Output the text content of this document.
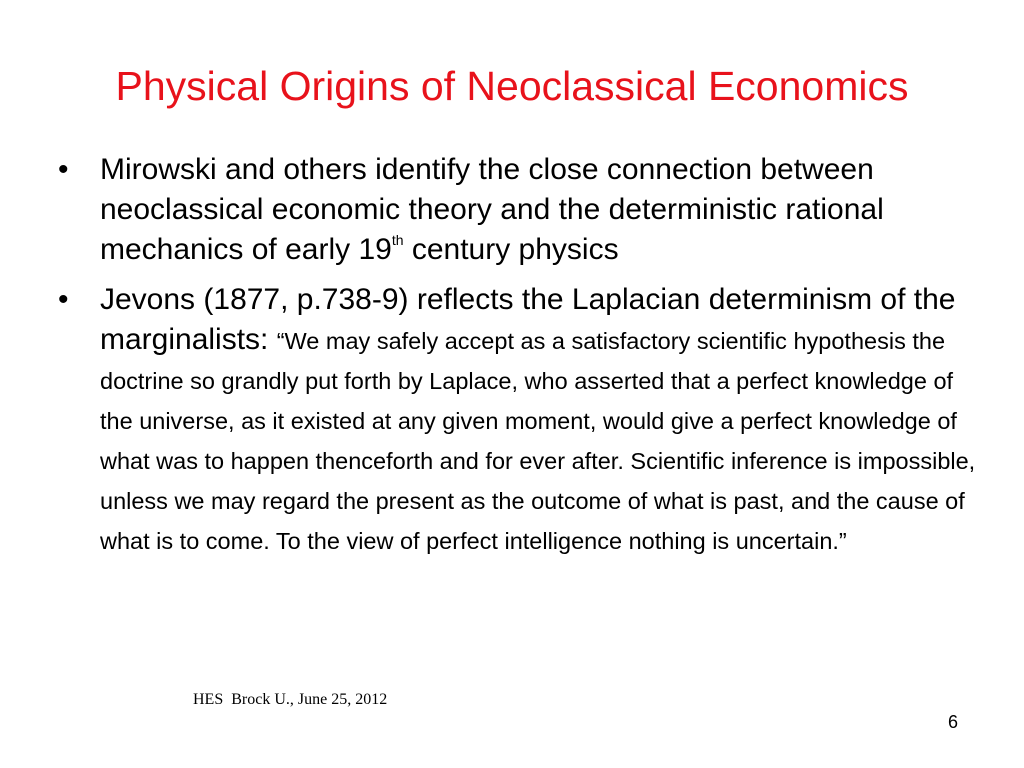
Physical Origins of Neoclassical Economics
• Mirowski and others identify the close connection between neoclassical economic theory and the deterministic rational mechanics of early 19th century physics
• Jevons (1877, p.738-9) reflects the Laplacian determinism of the marginalists: “We may safely accept as a satisfactory scientific hypothesis the doctrine so grandly put forth by Laplace, who asserted that a perfect knowledge of the universe, as it existed at any given moment, would give a perfect knowledge of what was to happen thenceforth and for ever after. Scientific inference is impossible, unless we may regard the present as the outcome of what is past, and the cause of what is to come. To the view of perfect intelligence nothing is uncertain.”
HES  Brock U., June 25, 2012
6
